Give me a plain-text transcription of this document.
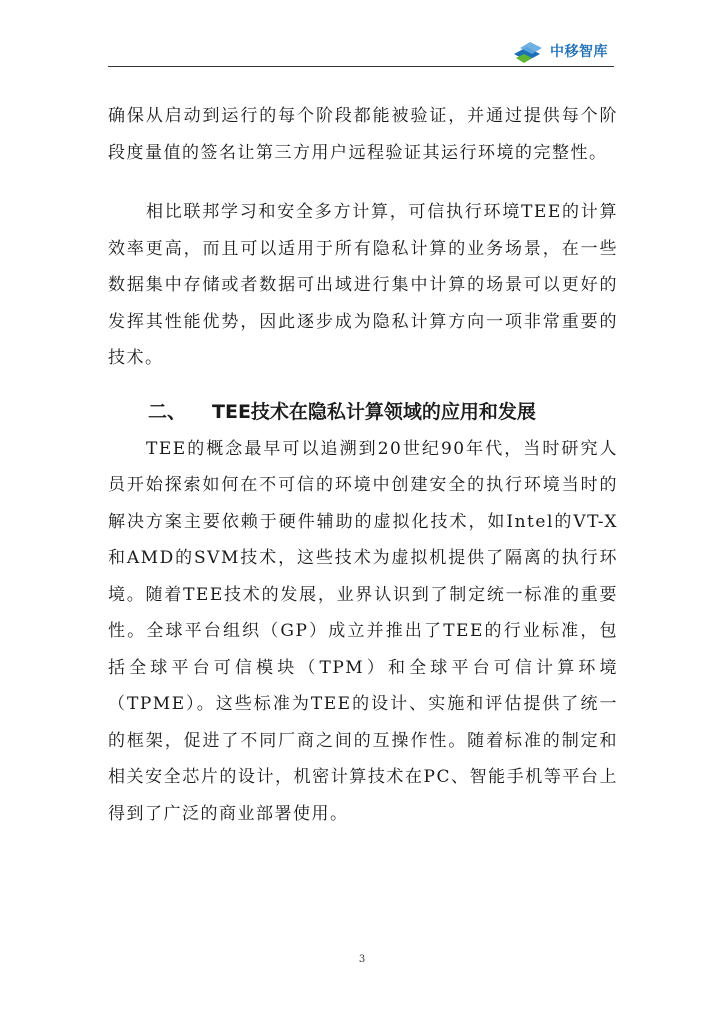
中移智库

确保从启动到运行的每个阶段都能被验证，并通过提供每个阶段度量值的签名让第三方用户远程验证其运行环境的完整性。

相比联邦学习和安全多方计算，可信执行环境TEE的计算效率更高，而且可以适用于所有隐私计算的业务场景，在一些数据集中存储或者数据可出域进行集中计算的场景可以更好的发挥其性能优势，因此逐步成为隐私计算方向一项非常重要的技术。

二、 TEE技术在隐私计算领域的应用和发展

TEE的概念最早可以追溯到20世纪90年代，当时研究人员开始探索如何在不可信的环境中创建安全的执行环境当时的解决方案主要依赖于硬件辅助的虚拟化技术，如Intel的VT-X和AMD的SVM技术，这些技术为虚拟机提供了隔离的执行环境。随着TEE技术的发展，业界认识到了制定统一标准的重要性。全球平台组织（GP）成立并推出了TEE的行业标准，包括全球平台可信模块（TPM）和全球平台可信计算环境（TPME）。这些标准为TEE的设计、实施和评估提供了统一的框架，促进了不同厂商之间的互操作性。随着标准的制定和相关安全芯片的设计，机密计算技术在PC、智能手机等平台上得到了广泛的商业部署使用。

3
